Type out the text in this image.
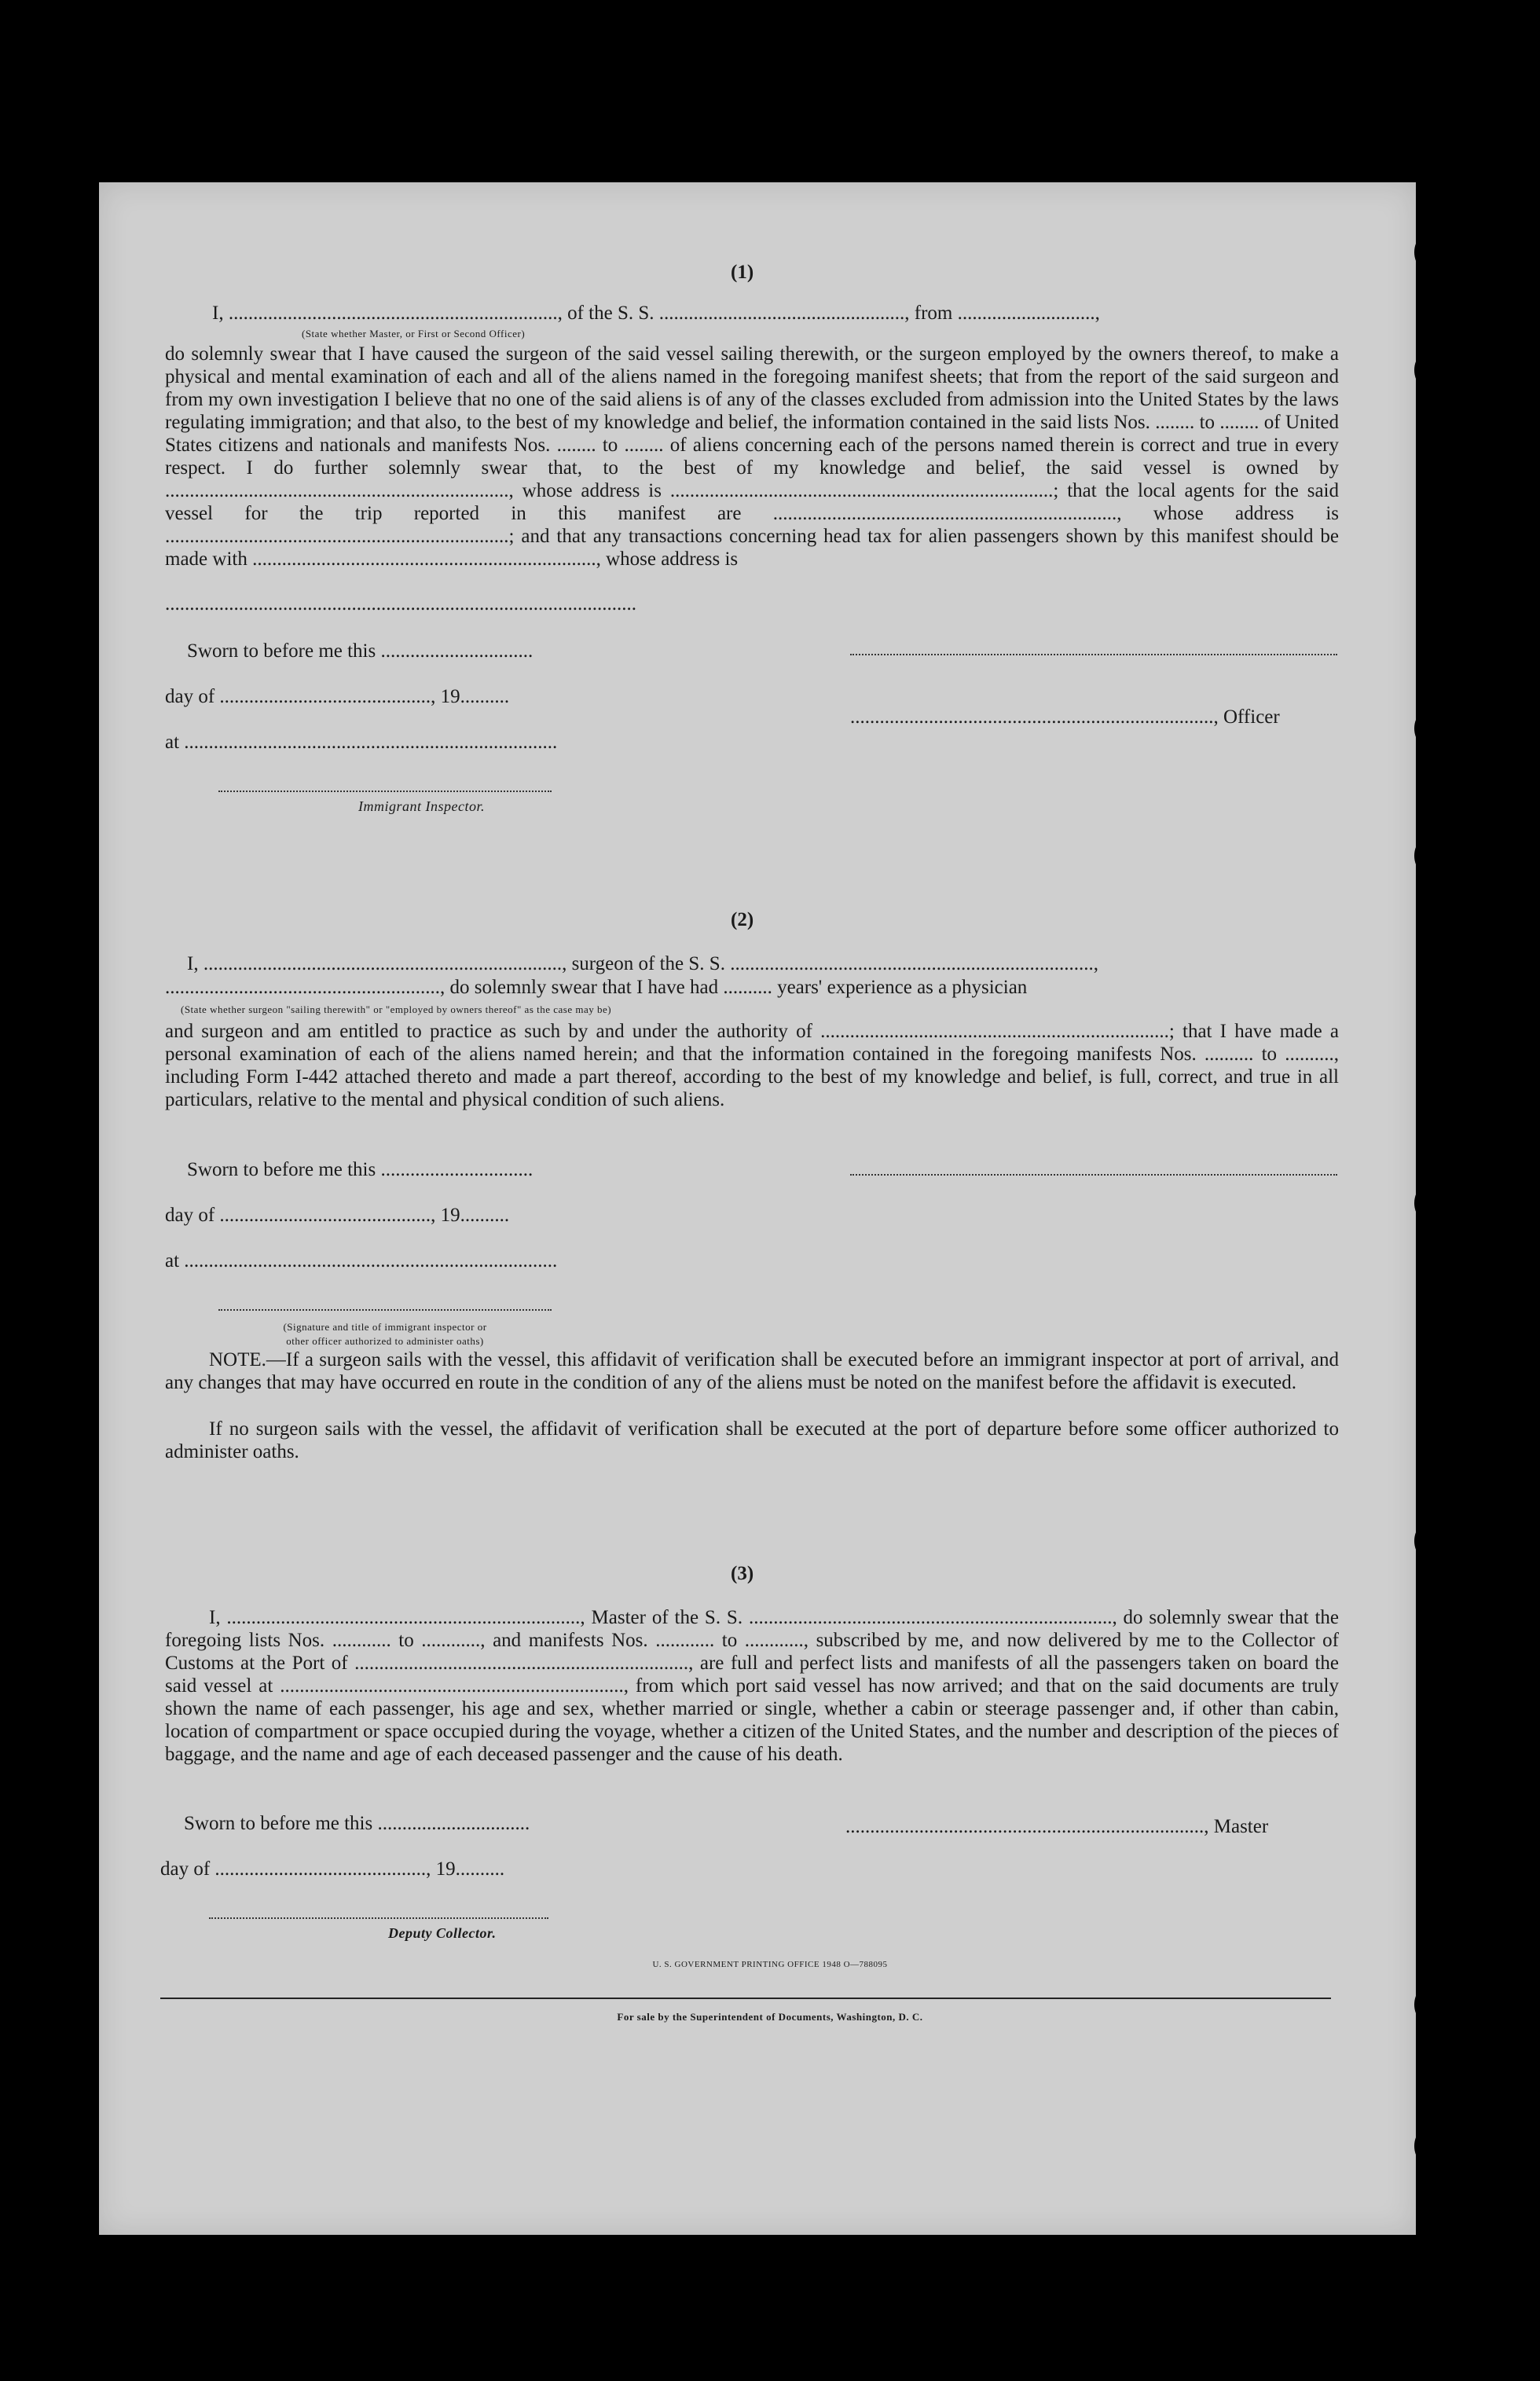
(1)
I, ..................................................................., of the S. S. .................................................., from ............................,
(State whether Master, or First or Second Officer)
do solemnly swear that I have caused the surgeon of the said vessel sailing therewith, or the surgeon employed by the owners thereof, to make a physical and mental examination of each and all of the aliens named in the foregoing manifest sheets; that from the report of the said surgeon and from my own investigation I believe that no one of the said aliens is of any of the classes excluded from admission into the United States by the laws regulating immigration; and that also, to the best of my knowledge and belief, the information contained in the said lists Nos. ........ to ........ of United States citizens and nationals and manifests Nos. ........ to ........ of aliens concerning each of the persons named therein is correct and true in every respect. I do further solemnly swear that, to the best of my knowledge and belief, the said vessel is owned by ......................................................................, whose address is ..............................................................................; that the local agents for the said vessel for the trip reported in this manifest are ......................................................................, whose address is ......................................................................; and that any transactions concerning head tax for alien passengers shown by this manifest should be made with ......................................................................, whose address is
................................................................................................
Sworn to before me this ...............................
day of ..........................................., 19..........
.........................................................................., Officer
at ............................................................................
Immigrant Inspector.
(2)
I, ........................................................................., surgeon of the S. S. ..........................................................................,
........................................................, do solemnly swear that I have had .......... years' experience as a physician
(State whether surgeon "sailing therewith" or "employed by owners thereof" as the case may be)
and surgeon and am entitled to practice as such by and under the authority of .......................................................................; that I have made a personal examination of each of the aliens named herein; and that the information contained in the foregoing manifests Nos. .......... to .........., including Form I-442 attached thereto and made a part thereof, according to the best of my knowledge and belief, is full, correct, and true in all particulars, relative to the mental and physical condition of such aliens.
Sworn to before me this ...............................
day of ..........................................., 19..........
at ............................................................................
(Signature and title of immigrant inspector or
other officer authorized to administer oaths)
NOTE.—If a surgeon sails with the vessel, this affidavit of verification shall be executed before an immigrant inspector at port of arrival, and any changes that may have occurred en route in the condition of any of the aliens must be noted on the manifest before the affidavit is executed.
If no surgeon sails with the vessel, the affidavit of verification shall be executed at the port of departure before some officer authorized to administer oaths.
(3)
I, ........................................................................, Master of the S. S. .........................................................................., do solemnly swear that the foregoing lists Nos. ............ to ............, and manifests Nos. ............ to ............, subscribed by me, and now delivered by me to the Collector of Customs at the Port of ...................................................................., are full and perfect lists and manifests of all the passengers taken on board the said vessel at ......................................................................, from which port said vessel has now arrived; and that on the said documents are truly shown the name of each passenger, his age and sex, whether married or single, whether a cabin or steerage passenger and, if other than cabin, location of compartment or space occupied during the voyage, whether a citizen of the United States, and the number and description of the pieces of baggage, and the name and age of each deceased passenger and the cause of his death.
Sworn to before me this ...............................	........................................................................., Master
day of ..........................................., 19..........
Deputy Collector.
U. S. GOVERNMENT PRINTING OFFICE 1948 O—788095
For sale by the Superintendent of Documents, Washington, D. C.
